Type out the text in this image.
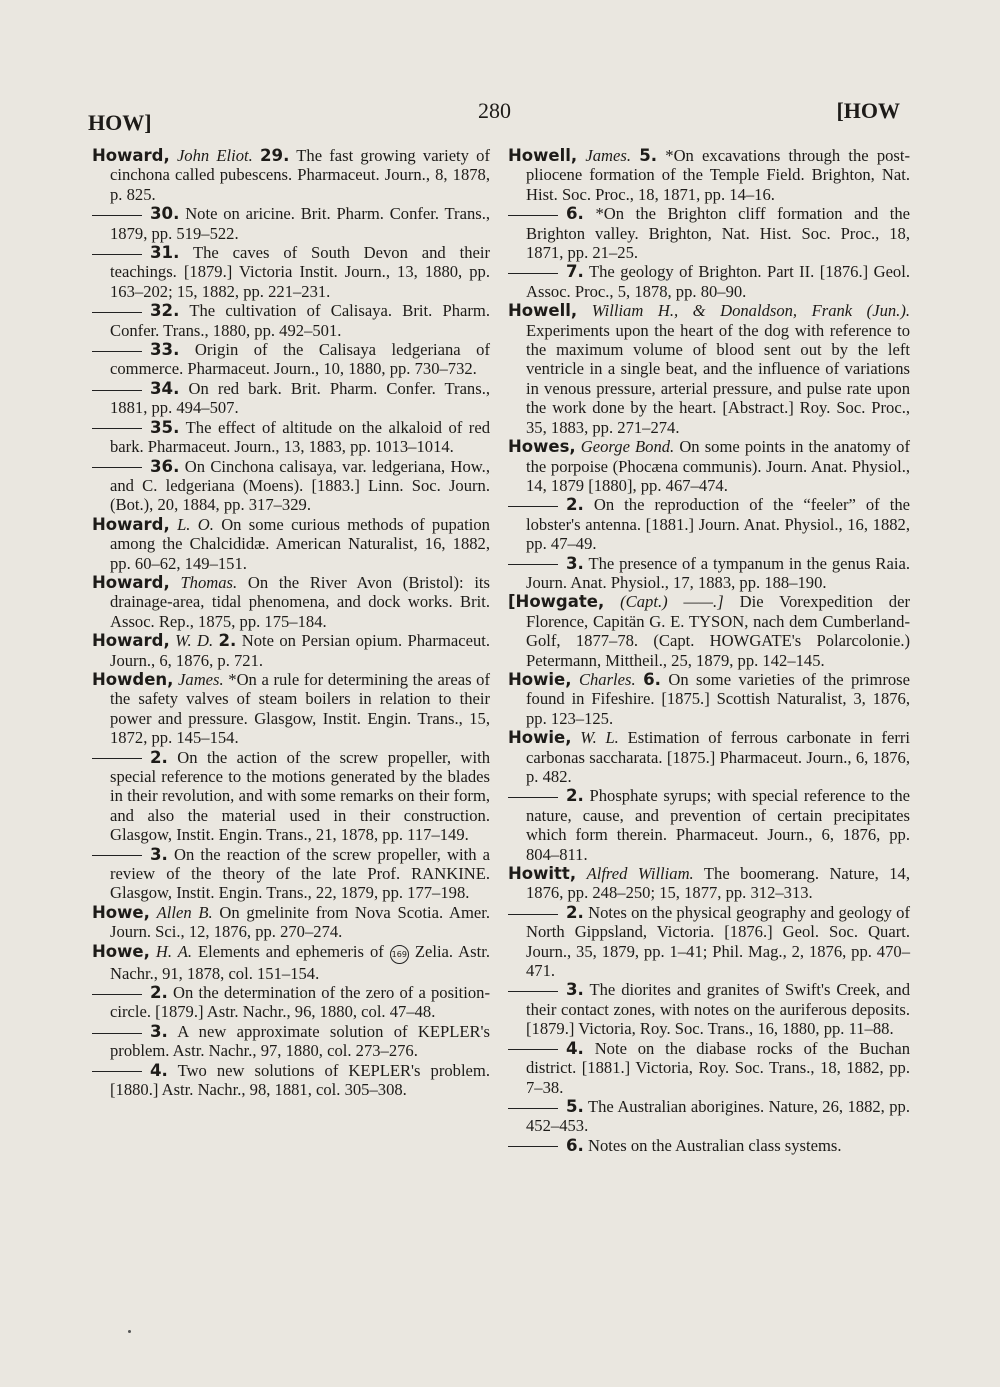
HOW]	280	[HOW
Howard, John Eliot. 29. The fast growing variety of cinchona called pubescens. Pharmaceut. Journ., 8, 1878, p. 825.
30. Note on aricine. Brit. Pharm. Confer. Trans., 1879, pp. 519–522.
31. The caves of South Devon and their teachings. [1879.] Victoria Instit. Journ., 13, 1880, pp. 163–202; 15, 1882, pp. 221–231.
32. The cultivation of Calisaya. Brit. Pharm. Confer. Trans., 1880, pp. 492–501.
33. Origin of the Calisaya ledgeriana of commerce. Pharmaceut. Journ., 10, 1880, pp. 730–732.
34. On red bark. Brit. Pharm. Confer. Trans., 1881, pp. 494–507.
35. The effect of altitude on the alkaloid of red bark. Pharmaceut. Journ., 13, 1883, pp. 1013–1014.
36. On Cinchona calisaya, var. ledgeriana, How., and C. ledgeriana (Moens). [1883.] Linn. Soc. Journ. (Bot.), 20, 1884, pp. 317–329.
Howard, L. O. On some curious methods of pupation among the Chalcididæ. American Naturalist, 16, 1882, pp. 60–62, 149–151.
Howard, Thomas. On the River Avon (Bristol): its drainage-area, tidal phenomena, and dock works. Brit. Assoc. Rep., 1875, pp. 175–184.
Howard, W. D. 2. Note on Persian opium. Pharmaceut. Journ., 6, 1876, p. 721.
Howden, James. *On a rule for determining the areas of the safety valves of steam boilers in relation to their power and pressure. Glasgow, Instit. Engin. Trans., 15, 1872, pp. 145–154.
2. On the action of the screw propeller, with special reference to the motions generated by the blades in their revolution, and with some remarks on their form, and also the material used in their construction. Glasgow, Instit. Engin. Trans., 21, 1878, pp. 117–149.
3. On the reaction of the screw propeller, with a review of the theory of the late Prof. RANKINE. Glasgow, Instit. Engin. Trans., 22, 1879, pp. 177–198.
Howe, Allen B. On gmelinite from Nova Scotia. Amer. Journ. Sci., 12, 1876, pp. 270–274.
Howe, H. A. Elements and ephemeris of 169 Zelia. Astr. Nachr., 91, 1878, col. 151–154.
2. On the determination of the zero of a position-circle. [1879.] Astr. Nachr., 96, 1880, col. 47–48.
3. A new approximate solution of KEPLER's problem. Astr. Nachr., 97, 1880, col. 273–276.
4. Two new solutions of KEPLER's problem. [1880.] Astr. Nachr., 98, 1881, col. 305–308.
Howell, James. 5. *On excavations through the post-pliocene formation of the Temple Field. Brighton, Nat. Hist. Soc. Proc., 18, 1871, pp. 14–16.
6. *On the Brighton cliff formation and the Brighton valley. Brighton, Nat. Hist. Soc. Proc., 18, 1871, pp. 21–25.
7. The geology of Brighton. Part II. [1876.] Geol. Assoc. Proc., 5, 1878, pp. 80–90.
Howell, William H., & Donaldson, Frank (Jun.). Experiments upon the heart of the dog with reference to the maximum volume of blood sent out by the left ventricle in a single beat, and the influence of variations in venous pressure, arterial pressure, and pulse rate upon the work done by the heart. [Abstract.] Roy. Soc. Proc., 35, 1883, pp. 271–274.
Howes, George Bond. On some points in the anatomy of the porpoise (Phocæna communis). Journ. Anat. Physiol., 14, 1879 [1880], pp. 467–474.
2. On the reproduction of the “feeler” of the lobster's antenna. [1881.] Journ. Anat. Physiol., 16, 1882, pp. 47–49.
3. The presence of a tympanum in the genus Raia. Journ. Anat. Physiol., 17, 1883, pp. 188–190.
[Howgate, (Capt.) ——.] Die Vorexpedition der Florence, Capitän G. E. TYSON, nach dem Cumberland-Golf, 1877–78. (Capt. HOWGATE's Polarcolonie.) Petermann, Mittheil., 25, 1879, pp. 142–145.
Howie, Charles. 6. On some varieties of the primrose found in Fifeshire. [1875.] Scottish Naturalist, 3, 1876, pp. 123–125.
Howie, W. L. Estimation of ferrous carbonate in ferri carbonas saccharata. [1875.] Pharmaceut. Journ., 6, 1876, p. 482.
2. Phosphate syrups; with special reference to the nature, cause, and prevention of certain precipitates which form therein. Pharmaceut. Journ., 6, 1876, pp. 804–811.
Howitt, Alfred William. The boomerang. Nature, 14, 1876, pp. 248–250; 15, 1877, pp. 312–313.
2. Notes on the physical geography and geology of North Gippsland, Victoria. [1876.] Geol. Soc. Quart. Journ., 35, 1879, pp. 1–41; Phil. Mag., 2, 1876, pp. 470–471.
3. The diorites and granites of Swift's Creek, and their contact zones, with notes on the auriferous deposits. [1879.] Victoria, Roy. Soc. Trans., 16, 1880, pp. 11–88.
4. Note on the diabase rocks of the Buchan district. [1881.] Victoria, Roy. Soc. Trans., 18, 1882, pp. 7–38.
5. The Australian aborigines. Nature, 26, 1882, pp. 452–453.
6. Notes on the Australian class systems.
